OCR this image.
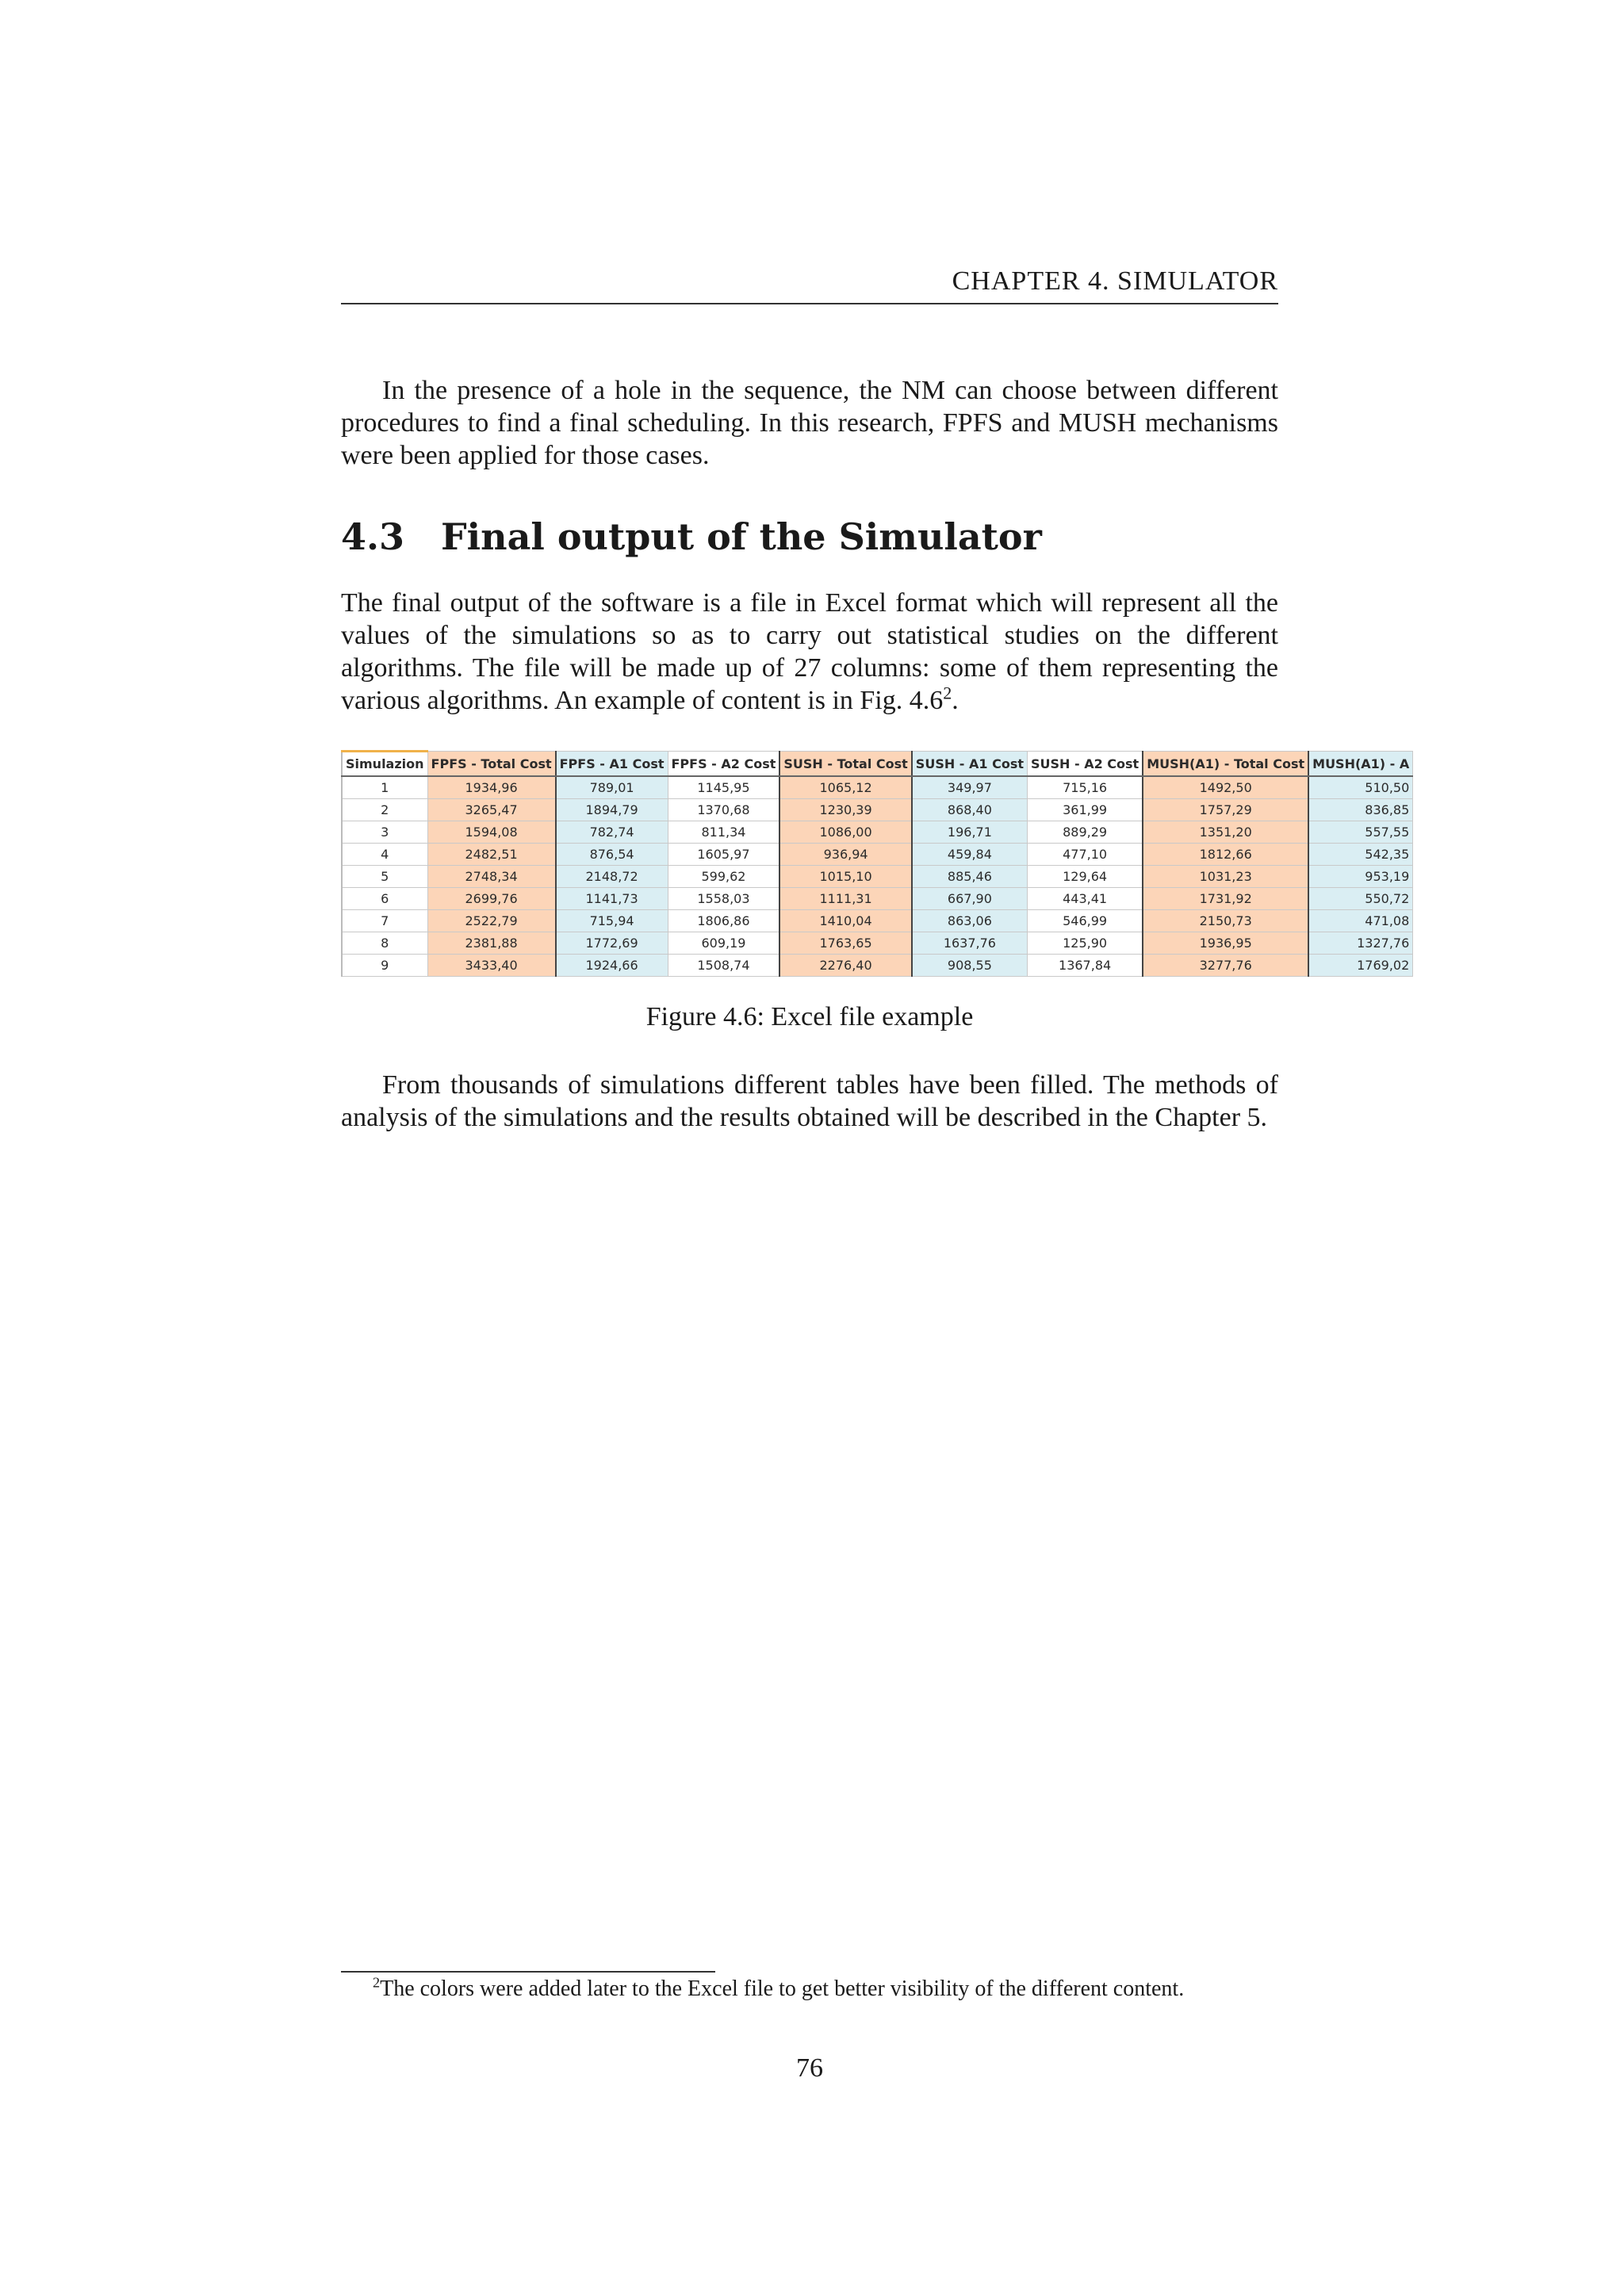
CHAPTER 4. SIMULATOR

In the presence of a hole in the sequence, the NM can choose between different procedures to find a final scheduling. In this research, FPFS and MUSH mechanisms were been applied for those cases.

4.3 Final output of the Simulator

The final output of the software is a file in Excel format which will represent all the values of the simulations so as to carry out statistical studies on the different algorithms. The file will be made up of 27 columns: some of them representing the various algorithms. An example of content is in Fig. $4.6^2$.

Simulazion	FPFS - Total Cost	FPFS - A1 Cost	FPFS - A2 Cost	SUSH - Total Cost	SUSH - A1 Cost	SUSH - A2 Cost	MUSH(A1) - Total Cost	MUSH(A1) - A
1	1934,96	789,01	1145,95	1065,12	349,97	715,16	1492,50	510,50
2	3265,47	1894,79	1370,68	1230,39	868,40	361,99	1757,29	836,85
3	1594,08	782,74	811,34	1086,00	196,71	889,29	1351,20	557,55
4	2482,51	876,54	1605,97	936,94	459,84	477,10	1812,66	542,35
5	2748,34	2148,72	599,62	1015,10	885,46	129,64	1031,23	953,19
6	2699,76	1141,73	1558,03	1111,31	667,90	443,41	1731,92	550,72
7	2522,79	715,94	1806,86	1410,04	863,06	546,99	2150,73	471,08
8	2381,88	1772,69	609,19	1763,65	1637,76	125,90	1936,95	1327,76
9	3433,40	1924,66	1508,74	2276,40	908,55	1367,84	3277,76	1769,02
Figure 4.6: Excel file example

From thousands of simulations different tables have been filled. The methods of analysis of the simulations and the results obtained will be described in the Chapter 5.

$^2$The colors were added later to the Excel file to get better visibility of the different content.
76
